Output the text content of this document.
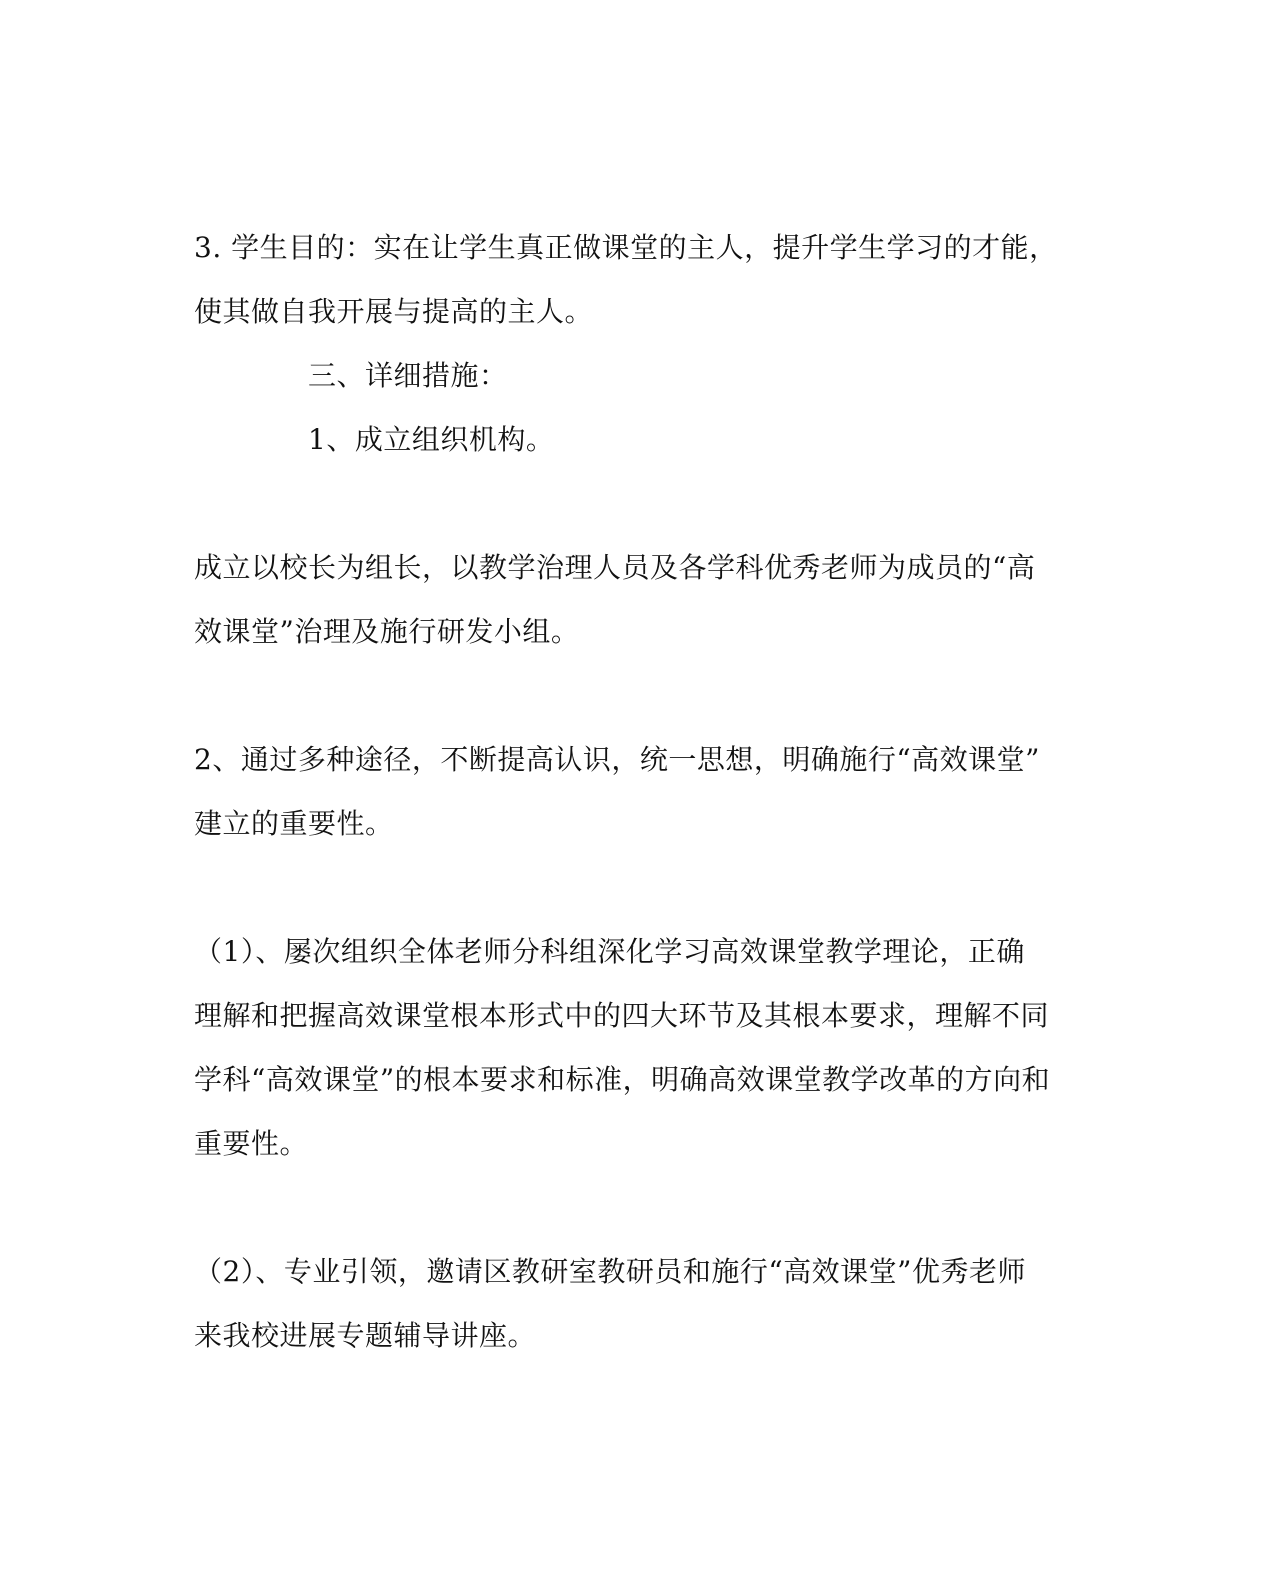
3. 学生目的：实在让学生真正做课堂的主人，提升学生学习的才能，
使其做自我开展与提高的主人。
三、详细措施：
1、成立组织机构。
成立以校长为组长，以教学治理人员及各学科优秀老师为成员的“高
效课堂”治理及施行研发小组。
2、通过多种途径，不断提高认识，统一思想，明确施行“高效课堂”
建立的重要性。
（1）、屡次组织全体老师分科组深化学习高效课堂教学理论，正确
理解和把握高效课堂根本形式中的四大环节及其根本要求，理解不同
学科“高效课堂”的根本要求和标准，明确高效课堂教学改革的方向和
重要性。
（2）、专业引领，邀请区教研室教研员和施行“高效课堂”优秀老师
来我校进展专题辅导讲座。
